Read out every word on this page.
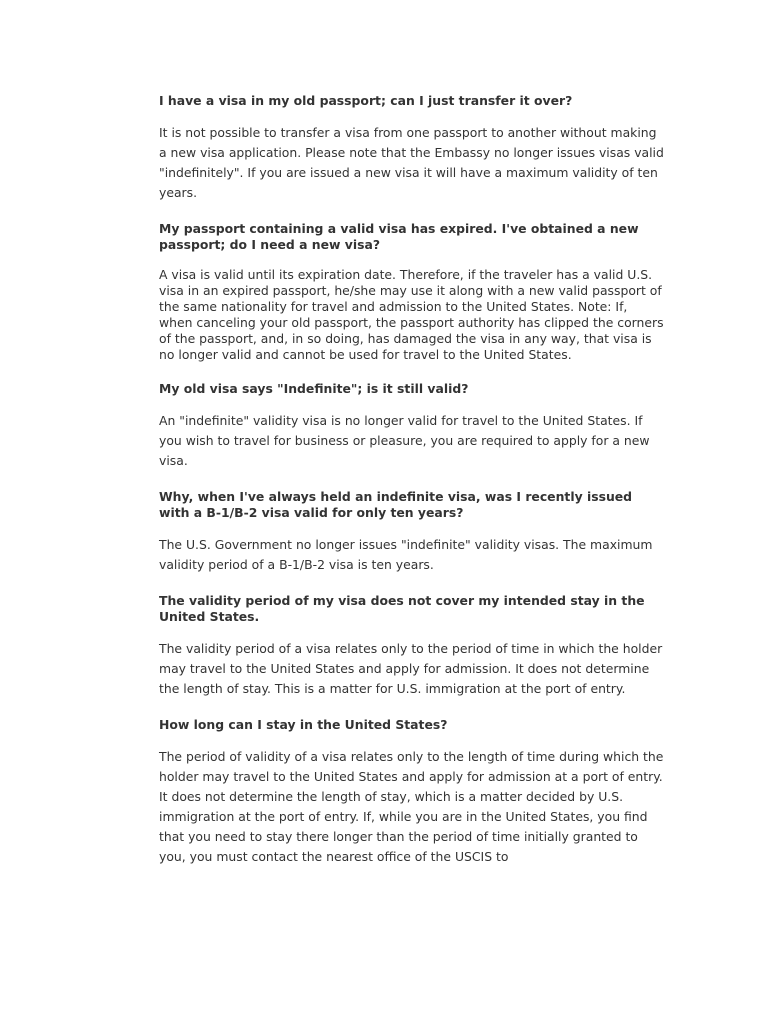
I have a visa in my old passport; can I just transfer it over?

It is not possible to transfer a visa from one passport to another without making a new visa application. Please note that the Embassy no longer issues visas valid "indefinitely". If you are issued a new visa it will have a maximum validity of ten years.

My passport containing a valid visa has expired. I've obtained a new passport; do I need a new visa?

A visa is valid until its expiration date. Therefore, if the traveler has a valid U.S. visa in an expired passport, he/she may use it along with a new valid passport of the same nationality for travel and admission to the United States. Note: If, when canceling your old passport, the passport authority has clipped the corners of the passport, and, in so doing, has damaged the visa in any way, that visa is no longer valid and cannot be used for travel to the United States.

My old visa says "Indefinite"; is it still valid?

An "indefinite" validity visa is no longer valid for travel to the United States. If you wish to travel for business or pleasure, you are required to apply for a new visa.

Why, when I've always held an indefinite visa, was I recently issued with a B-1/B-2 visa valid for only ten years?

The U.S. Government no longer issues "indefinite" validity visas. The maximum validity period of a B-1/B-2 visa is ten years.

The validity period of my visa does not cover my intended stay in the United States.

The validity period of a visa relates only to the period of time in which the holder may travel to the United States and apply for admission. It does not determine the length of stay. This is a matter for U.S. immigration at the port of entry.

How long can I stay in the United States?

The period of validity of a visa relates only to the length of time during which the holder may travel to the United States and apply for admission at a port of entry. It does not determine the length of stay, which is a matter decided by U.S. immigration at the port of entry. If, while you are in the United States, you find that you need to stay there longer than the period of time initially granted to you, you must contact the nearest office of the USCIS to
